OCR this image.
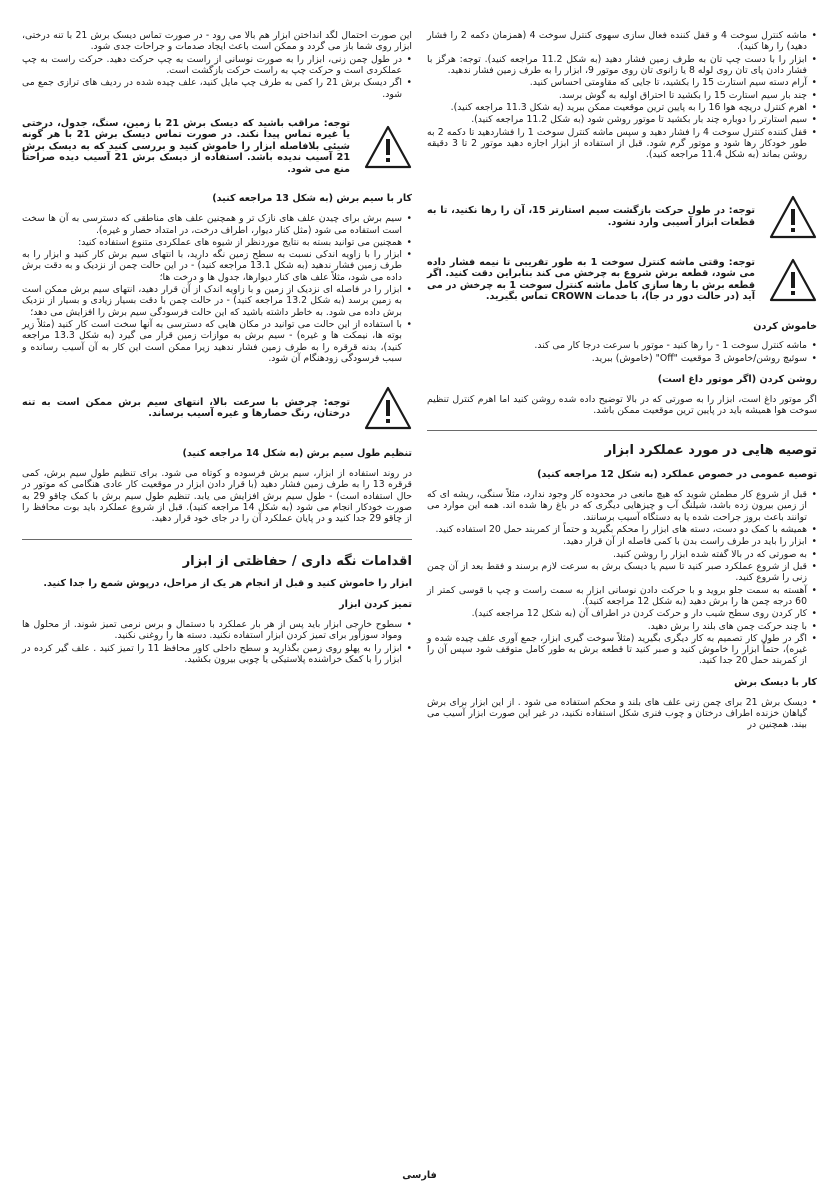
• ماشه کنترل سوخت 4 و قفل کننده فعال سازی سهوی کنترل سوخت 4 (همزمان دکمه 2 را فشار دهید) را رها کنید).

• ابزار را با دست چپ تان به طرف زمین فشار دهید (به شکل 11.2 مراجعه کنید). توجه: هرگز با فشار دادن پای تان روی لوله 8 یا زانوی تان روی موتور 9، ابزار را به طرف زمین فشار ندهید.

• آرام دسته سیم استارت 15 را بکشید، تا جایی که مقاومتی احساس کنید.

• چند بار سیم استارت 15 را بکشید تا احتراق اولیه به گوش برسد.

• اهرم کنترل دریچه هوا 16 را به پایین ترین موقعیت ممکن ببرید (به شکل 11.3 مراجعه کنید).

• سیم استارتر را دوباره چند بار بکشید تا موتور روشن شود (به شکل 11.2 مراجعه کنید).

• قفل کننده کنترل سوخت 4 را فشار دهید و سپس ماشه کنترل سوخت 1 را فشاردهید تا دکمه 2 به طور خودکار رها شود و موتور گرم شود. قبل از استفاده از ابزار اجازه دهید موتور 2 تا 3 دقیقه روشن بماند (به شکل 11.4 مراجعه کنید).

توجه: در طول حرکت بازگشت سیم استارتر 15، آن را رها نکنید، تا به قطعات ابزار آسیبی وارد نشود.
توجه: وقتی ماشه کنترل سوخت 1 به طور تقریبی تا نیمه فشار داده می شود، قطعه برش شروع به چرخش می کند بنابراین دقت کنید. اگر قطعه برش با رها سازی کامل ماشه کنترل سوخت 1 به چرخش در می آید (در حالت دور در جا)، با خدمات CROWN تماس بگیرید.
خاموش کردن

• ماشه کنترل سوخت 1 - را رها کنید - موتور با سرعت درجا کار می کند.

• سوئیچ روشن/خاموش 3 موقعیت "Off" (خاموش) ببرید.

روشن کردن (اگر موتور داغ است)

اگر موتور داغ است، ابزار را به صورتی که در بالا توضیح داده شده روشن کنید اما اهرم کنترل تنظیم سوخت هوا همیشه باید در پایین ترین موقعیت ممکن باشد.

توصیه هایی در مورد عملکرد ابزار
توصیه عمومی در خصوص عملکرد (به شکل 12 مراجعه کنید)

• قبل از شروع کار مطمئن شوید که هیچ مانعی در محدوده کار وجود ندارد، مثلاً سنگی، ریشه ای که از زمین بیرون زده باشد، شیلنگ آب و چیزهایی دیگری که در باغ رها شده اند. همه این موارد می توانند باعث بروز جراحت شده یا به دستگاه آسیب برسانند.

• همیشه با کمک دو دست، دسته های ابزار را محکم بگیرید و حتماً از کمربند حمل 20 استفاده کنید.

• ابزار را باید در طرف راست بدن با کمی فاصله از آن قرار دهید.

• به صورتی که در بالا گفته شده ابزار را روشن کنید.

• قبل از شروع عملکرد صبر کنید تا سیم یا دیسک برش به سرعت لازم برسند و فقط بعد از آن چمن زنی را شروع کنید.

• آهسته به سمت جلو بروید و با حرکت دادن نوسانی ابزار به سمت راست و چپ با قوسی کمتر از 60 درجه چمن ها را برش دهید (به شکل 12 مراجعه کنید).

• کار کردن روی سطح شیب دار و حرکت کردن در اطراف آن (به شکل 12 مراجعه کنید).

• با چند حرکت چمن های بلند را برش دهید.

• اگر در طول کار تصمیم به کار دیگری بگیرید (مثلاً سوخت گیری ابزار، جمع آوری علف چیده شده و غیره)، حتماً ابزار را خاموش کنید و صبر کنید تا قطعه برش به طور کامل متوقف شود سپس آن را از کمربند حمل 20 جدا کنید.

کار با دیسک برش

• دیسک برش 21 برای چمن زنی علف های بلند و محکم استفاده می شود . از این ابزار برای برش گیاهان خزنده اطراف درختان و چوب فنری شکل استفاده نکنید، در غیر این صورت ابزار آسیب می بیند. همچنین در

این صورت احتمال لگد انداختن ابزار هم بالا می رود - در صورت تماس دیسک برش 21 با تنه درختی، ابزار روی شما باز می گردد و ممکن است باعث ایجاد صدمات و جراحات جدی شود.

• در طول چمن زنی، ابزار را به صورت نوسانی از راست به چپ حرکت دهید. حرکت راست به چپ عملکردی است و حرکت چپ به راست حرکت بازگشت است.

• اگر دیسک برش 21 را کمی به طرف چپ مایل کنید، علف چیده شده در ردیف های ترازی جمع می شود.

توجه: مراقب باشید که دیسک برش 21 با زمین، سنگ، جدول، درختی یا غیره تماس پیدا نکند. در صورت تماس دیسک برش 21 با هر گونه شیئی بلافاصله ابزار را خاموش کنید و بررسی کنید که به دیسک برش 21 آسیب ندیده باشد. استفاده از دیسک برش 21 آسیب دیده صراحتاً منع می شود.
کار با سیم برش (به شکل 13 مراجعه کنید)

• سیم برش برای چیدن علف های نازک تر و همچنین علف های مناطقی که دسترسی به آن ها سخت است استفاده می شود (مثل کنار دیوار، اطراف درخت، در امتداد حصار و غیره).

• همچنین می توانید بسته به نتایج موردنظر از شیوه های عملکردی متنوع استفاده کنید:

• ابزار را با زاویه اندکی نسبت به سطح زمین نگه دارید، با انتهای سیم برش کار کنید و ابزار را به طرف زمین فشار ندهید (به شکل 13.1 مراجعه کنید) - در این حالت چمن از نزدیک و به دقت برش داده می شود، مثلاً علف های کنار دیوارها، جدول ها و درخت ها؛

• ابزار را در فاصله ای نزدیک از زمین و با زاویه اندک از آن قرار دهید، انتهای سیم برش ممکن است به زمین برسد (به شکل 13.2 مراجعه کنید) - در حالت چمن با دقت بسیار زیادی و بسیار از نزدیک برش داده می شود. به خاطر داشته باشید که این حالت فرسودگی سیم برش را افزایش می دهد؛

• با استفاده از این حالت می توانید در مکان هایی که دسترسی به آنها سخت است کار کنید (مثلاً زیر بوته ها، نیمکت ها و غیره) - سیم برش به موازات زمین قرار می گیرد (به شکل 13.3 مراجعه کنید)، بدنه قرقره را به طرف زمین فشار ندهید زیرا ممکن است این کار به آن آسیب رسانده و سبب فرسودگی زودهنگام آن شود.

توجه: چرخش با سرعت بالا، انتهای سیم برش ممکن است به تنه درختان، رنگ حصارها و غیره آسیب برساند.
تنظیم طول سیم برش (به شکل 14 مراجعه کنید)

در روند استفاده از ابزار، سیم برش فرسوده و کوتاه می شود. برای تنظیم طول سیم برش، کمی قرقره 13 را به طرف زمین فشار دهید (با قرار دادن ابزار در موقعیت کار عادی هنگامی که موتور در حال استفاده است) - طول سیم برش افزایش می یابد. تنظیم طول سیم برش با کمک چاقو 29 به صورت خودکار انجام می شود (به شکل 14 مراجعه کنید). قبل از شروع عملکرد باید بوت محافظ را از چاقو 29 جدا کنید و در پایان عملکرد آن را در جای خود قرار دهید.

اقدامات نگه داری / حفاظتی از ابزار
ابزار را خاموش کنید و قبل از انجام هر یک از مراحل، درپوش شمع را جدا کنید.
تمیز کردن ابزار

• سطوح خارجی ابزار باید پس از هر بار عملکرد با دستمال و برس نرمی تمیز شوند. از محلول ها ومواد سوزآور برای تمیز کردن ابزار استفاده نکنید. دسته ها را روغنی نکنید.

• ابزار را به پهلو روی زمین بگذارید و سطح داخلی کاور محافظ 11 را تمیز کنید . علف گیر کرده در ابزار را با کمک خراشنده پلاستیکی یا چوبی بیرون بکشید.

فارسی
